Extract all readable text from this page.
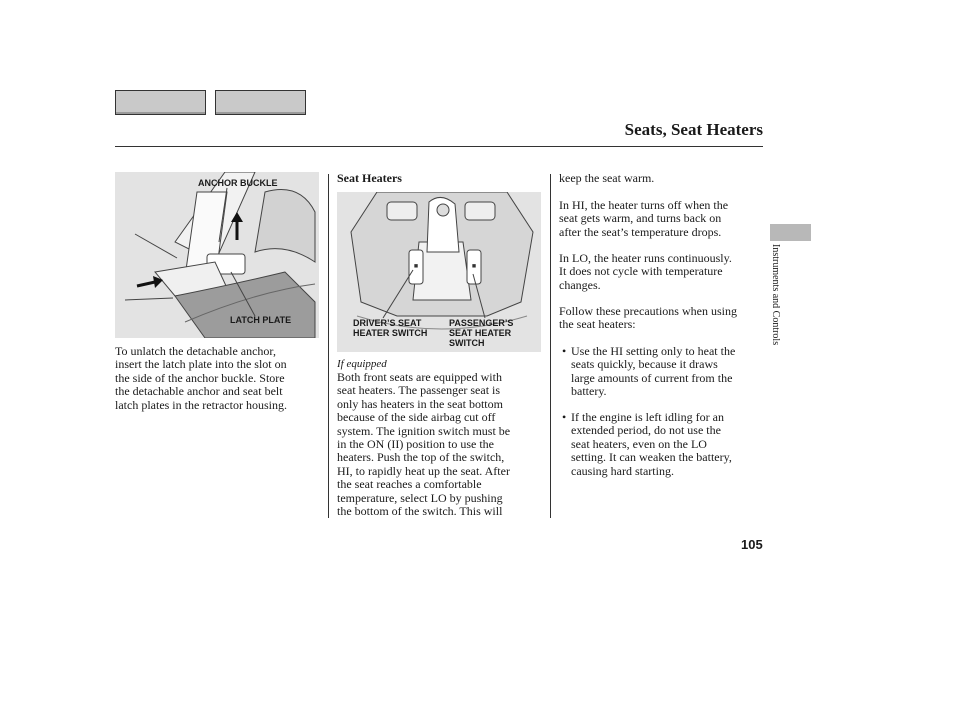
Seats, Seat Heaters
Instruments and Controls
ANCHOR BUCKLE
LATCH PLATE
■	■
DRIVER’S SEAT
HEATER SWITCH
PASSENGER’S
SEAT HEATER
SWITCH

To unlatch the detachable anchor,

insert the latch plate into the slot on

the side of the anchor buckle. Store

the detachable anchor and seat belt

latch plates in the retractor housing.

Seat Heaters
If equipped

Both front seats are equipped with

seat heaters. The passenger seat is

only has heaters in the seat bottom

because of the side airbag cut off

system. The ignition switch must be

in the ON (II) position to use the

heaters. Push the top of the switch,

HI, to rapidly heat up the seat. After

the seat reaches a comfortable

temperature, select LO by pushing

the bottom of the switch. This will

keep the seat warm.

In HI, the heater turns off when the

seat gets warm, and turns back on

after the seat’s temperature drops.

In LO, the heater runs continuously.

It does not cycle with temperature

changes.

Follow these precautions when using

the seat heaters:

• Use the HI setting only to heat the

seats quickly, because it draws

large amounts of current from the

battery.

• If the engine is left idling for an

extended period, do not use the

seat heaters, even on the LO

setting. It can weaken the battery,

causing hard starting.

105
